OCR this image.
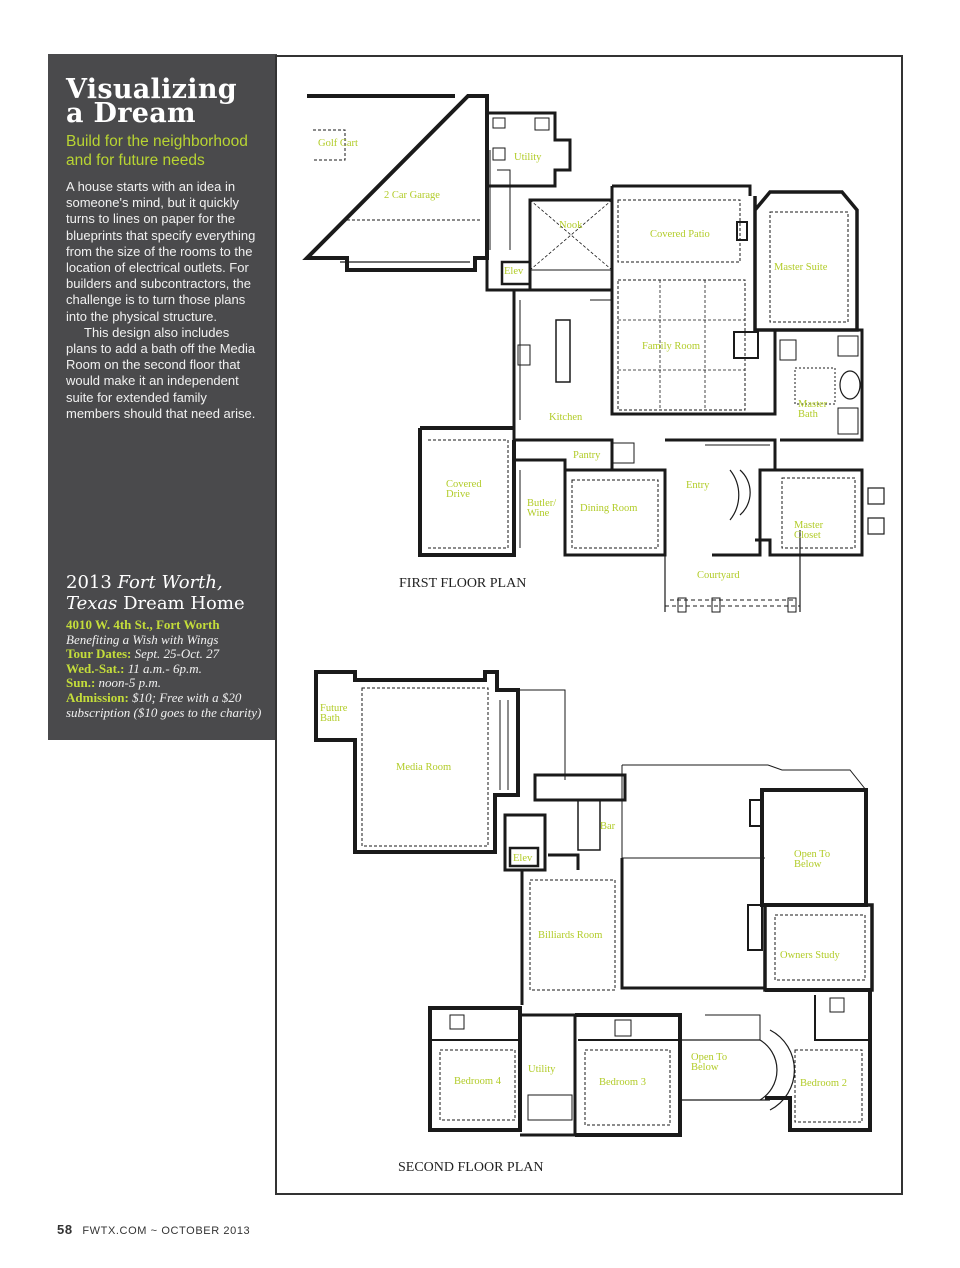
Visualizing
a Dream

Build for the neighborhood and for future needs

A house starts with an idea in someone's mind, but it quickly turns to lines on paper for the blueprints that specify everything from the size of the rooms to the location of electrical outlets. For builders and subcontractors, the challenge is to turn those plans into the physical structure.

This design also includes plans to add a bath off the Media Room on the second floor that would make it an independent suite for extended family members should that need arise.

2013 Fort Worth, Texas Dream Home
4010 W. 4th St., Fort Worth
Benefiting a Wish with Wings
Tour Dates: Sept. 25-Oct. 27
Wed.-Sat.: 11 a.m.- 6p.m.
Sun.: noon-5 p.m.
Admission: $10; Free with a $20 subscription ($10 goes to the charity)
Golf Cart
2 Car Garage
Utility
Nook
Covered Patio
Master Suite
Elev
Family Room
Kitchen
Master Bath
Pantry
Covered Drive
Butler/ Wine	Dining Room
Entry
Master Closet
Courtyard
FIRST FLOOR PLAN
Future Bath
Media Room
Bar
Elev	Open To Below
Billiards Room
Owners Study
Utility
Bedroom 4	Bedroom 3
Open To Below
Bedroom 2
SECOND FLOOR PLAN
58 FWTX.COM ~ OCTOBER 2013
